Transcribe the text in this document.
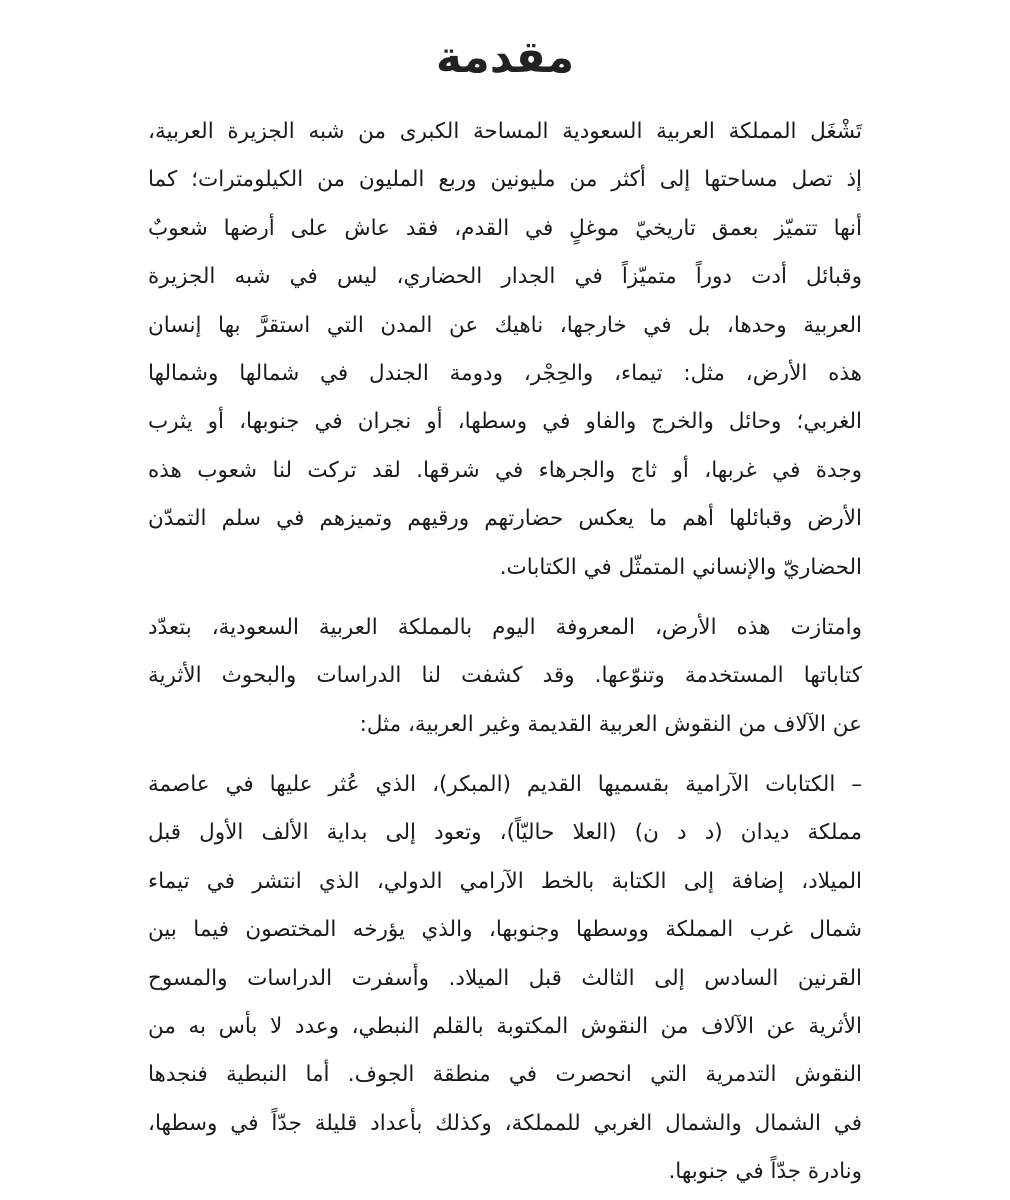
مقدمة
تَشْغَل المملكة العربية السعودية المساحة الكبرى من شبه الجزيرة العربية،
إذ تصل مساحتها إلى أكثر من مليونين وربع المليون من الكيلومترات؛ كما
أنها تتميّز بعمق تاريخيّ موغلٍ في القدم، فقد عاش على أرضها شعوبٌ
وقبائل أدت دوراً متميّزاً في الجدار الحضاري، ليس في شبه الجزيرة
العربية وحدها، بل في خارجها، ناهيك عن المدن التي استقرَّ بها إنسان
هذه الأرض، مثل: تيماء، والحِجْر، ودومة الجندل في شمالها وشمالها
الغربي؛ وحائل والخرج والفاو في وسطها، أو نجران في جنوبها، أو يثرب
وجدة في غربها، أو ثاج والجرهاء في شرقها. لقد تركت لنا شعوب هذه
الأرض وقبائلها أهم ما يعكس حضارتهم ورقيهم وتميزهم في سلم التمدّن
الحضاريّ والإنساني المتمثّل في الكتابات.
وامتازت هذه الأرض، المعروفة اليوم بالمملكة العربية السعودية، بتعدّد
كتاباتها المستخدمة وتنوّعها. وقد كشفت لنا الدراسات والبحوث الأثرية
عن الآلاف من النقوش العربية القديمة وغير العربية، مثل:
– الكتابات الآرامية بقسميها القديم (المبكر)، الذي عُثر عليها في عاصمة
مملكة ديدان (د د ن) (العلا حاليّاً)، وتعود إلى بداية الألف الأول قبل
الميلاد، إضافة إلى الكتابة بالخط الآرامي الدولي، الذي انتشر في تيماء
شمال غرب المملكة ووسطها وجنوبها، والذي يؤرخه المختصون فيما بين
القرنين السادس إلى الثالث قبل الميلاد. وأسفرت الدراسات والمسوح
الأثرية عن الآلاف من النقوش المكتوبة بالقلم النبطي، وعدد لا بأس به من
النقوش التدمرية التي انحصرت في منطقة الجوف. أما النبطية فنجدها
في الشمال والشمال الغربي للمملكة، وكذلك بأعداد قليلة جدّاً في وسطها،
ونادرة جدّاً في جنوبها.
